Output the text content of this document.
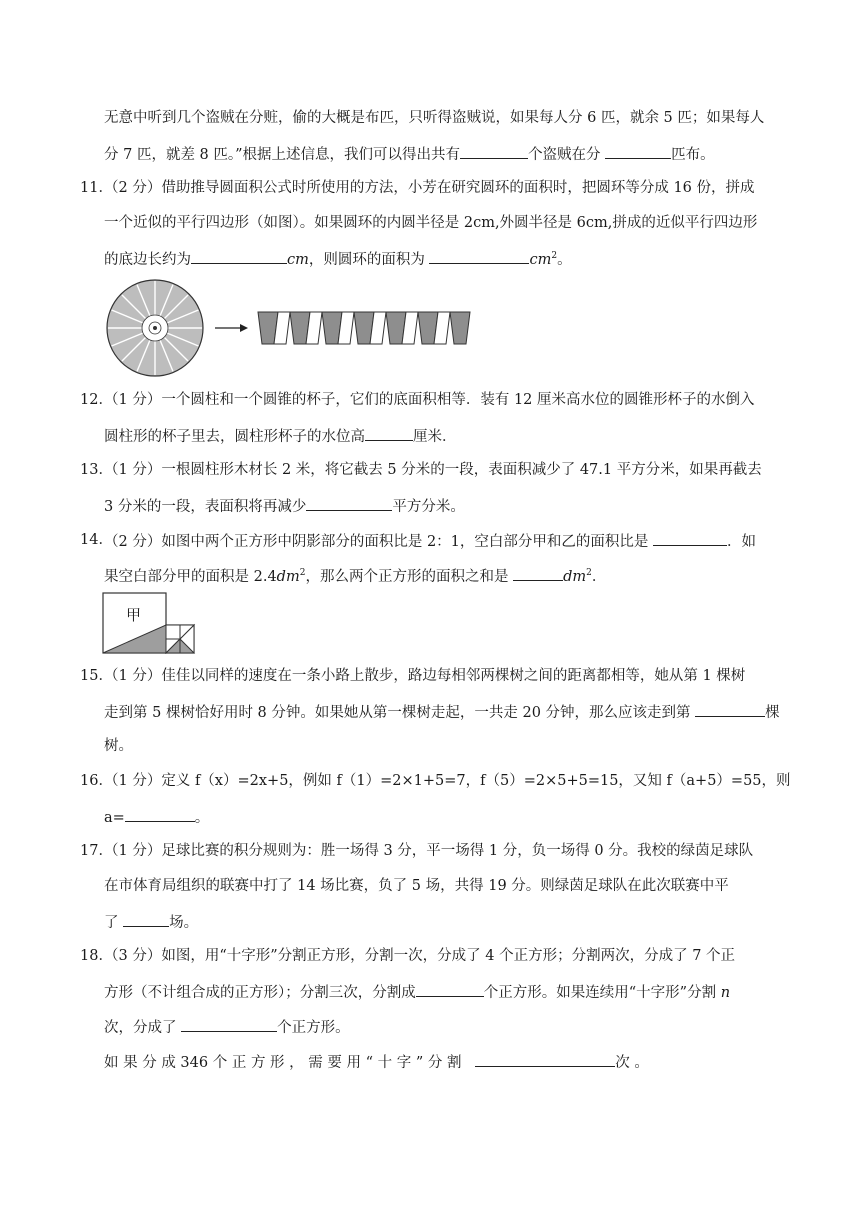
无意中听到几个盗贼在分赃，偷的大概是布匹，只听得盗贼说，如果每人分 6 匹，就余 5 匹；如果每人
分 7 匹，就差 8 匹。”根据上述信息，我们可以得出共有	个盗贼在分	匹布。
11．
（2 分）借助推导圆面积公式时所使用的方法，小芳在研究圆环的面积时，把圆环等分成 16 份，拼成
一个近似的平行四边形（如图）。如果圆环的内圆半径是 2cm,外圆半径是 6cm,拼成的近似平行四边形
的底边长约为	cm，则圆环的面积为	$cm^2$。
12．
（1 分）一个圆柱和一个圆锥的杯子，它们的底面积相等．装有 12 厘米高水位的圆锥形杯子的水倒入
圆柱形的杯子里去，圆柱形杯子的水位高	厘米．
13．
（1 分）一根圆柱形木材长 2 米，将它截去 5 分米的一段，表面积减少了 47.1 平方分米，如果再截去
3 分米的一段，表面积将再减少	平方分米。
14．
（2 分）如图中两个正方形中阴影部分的面积比是 2：1，空白部分甲和乙的面积比是	．如
果空白部分甲的面积是 $2.4dm^2$，那么两个正方形的面积之和是	$dm^2$．
甲
15．
（1 分）佳佳以同样的速度在一条小路上散步，路边每相邻两棵树之间的距离都相等，她从第 1 棵树
走到第 5 棵树恰好用时 8 分钟。如果她从第一棵树走起，一共走 20 分钟，那么应该走到第	棵
树。
16．
（1 分）定义 f（x）=2x+5，例如 f（1）=2×1+5=7，f（5）=2×5+5=15，又知 f（a+5）=55，则
a=	。
17．
（1 分）足球比赛的积分规则为：胜一场得 3 分，平一场得 1 分，负一场得 0 分。我校的绿茵足球队
在市体育局组织的联赛中打了 14 场比赛，负了 5 场，共得 19 分。则绿茵足球队在此次联赛中平
了	场。
18．
（3 分）如图，用“十字形”分割正方形，分割一次，分成了 4 个正方形；分割两次，分成了 7 个正
方形（不计组合成的正方形）；分割三次，分割成	个正方形。如果连续用“十字形”分割 n
次，分成了	个正方形。
如 果 分 成 346 个 正 方 形 ， 需 要 用 “ 十 字 ” 分 割	次 。
